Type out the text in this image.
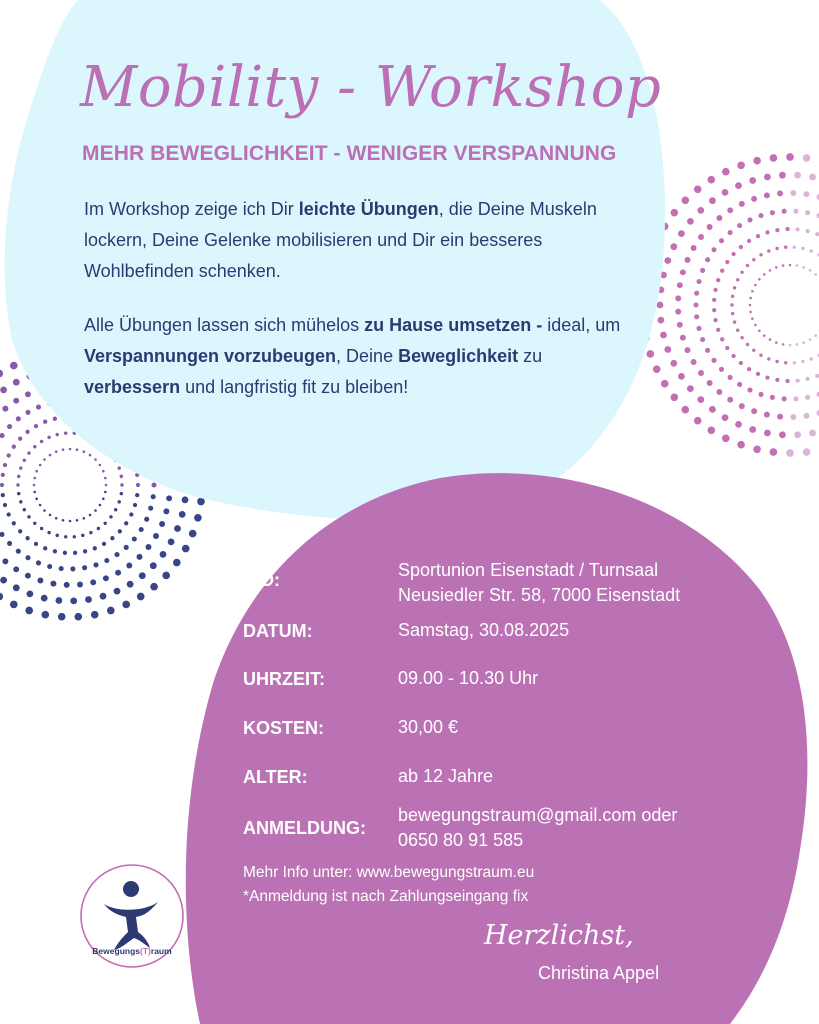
Mobility - Workshop
MEHR BEWEGLICHKEIT - WENIGER VERSPANNUNG

Im Workshop zeige ich Dir leichte Übungen, die Deine Muskeln lockern, Deine Gelenke mobilisieren und Dir ein besseres Wohlbefinden schenken.

Alle Übungen lassen sich mühelos zu Hause umsetzen - ideal, um Verspannungen vorzubeugen, Deine Beweglichkeit zu verbessern und langfristig fit zu bleiben!

WO:	Sportunion Eisenstadt / Turnsaal
Neusiedler Str. 58, 7000 Eisenstadt
DATUM:	Samstag, 30.08.2025
UHRZEIT:	09.00 - 10.30 Uhr
KOSTEN:	30,00 €
ALTER:	ab 12 Jahre
ANMELDUNG:
bewegungstraum@gmail.com oder
0650 80 91 585
Mehr Info unter: www.bewegungstraum.eu
*Anmeldung ist nach Zahlungseingang fix
Herzlichst,
Christina Appel
Bewegungs(T)raum
